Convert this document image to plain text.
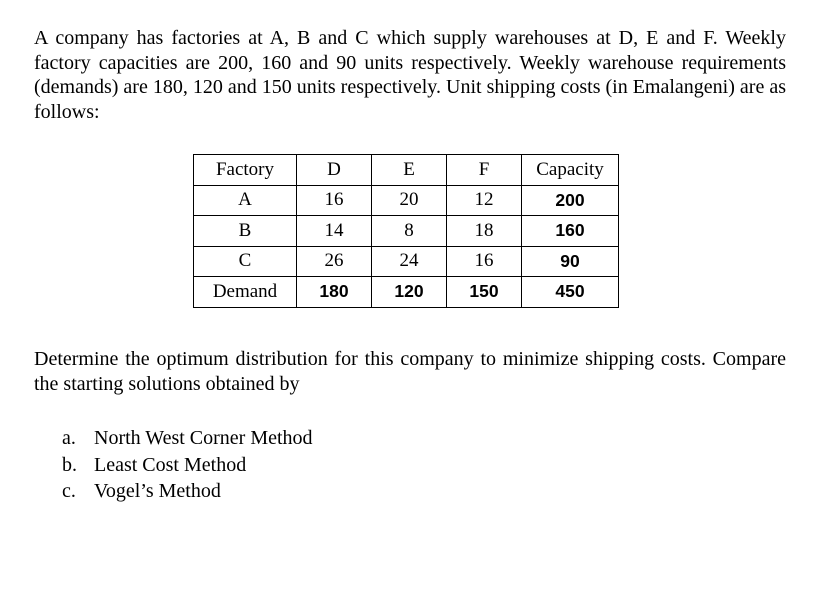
A company has factories at A, B and C which supply warehouses at D, E and F. Weekly factory capacities are 200, 160 and 90 units respectively. Weekly warehouse requirements (demands) are 180, 120 and 150 units respectively. Unit shipping costs (in Emalangeni) are as follows:

Factory	D	E	F	Capacity
A	16	20	12	200
B	14	8	18	160
C	26	24	16	90
Demand	180	120	150	450

Determine the optimum distribution for this company to minimize shipping costs. Compare the starting solutions obtained by

a. North West Corner Method
b. Least Cost Method
c. Vogel’s Method
